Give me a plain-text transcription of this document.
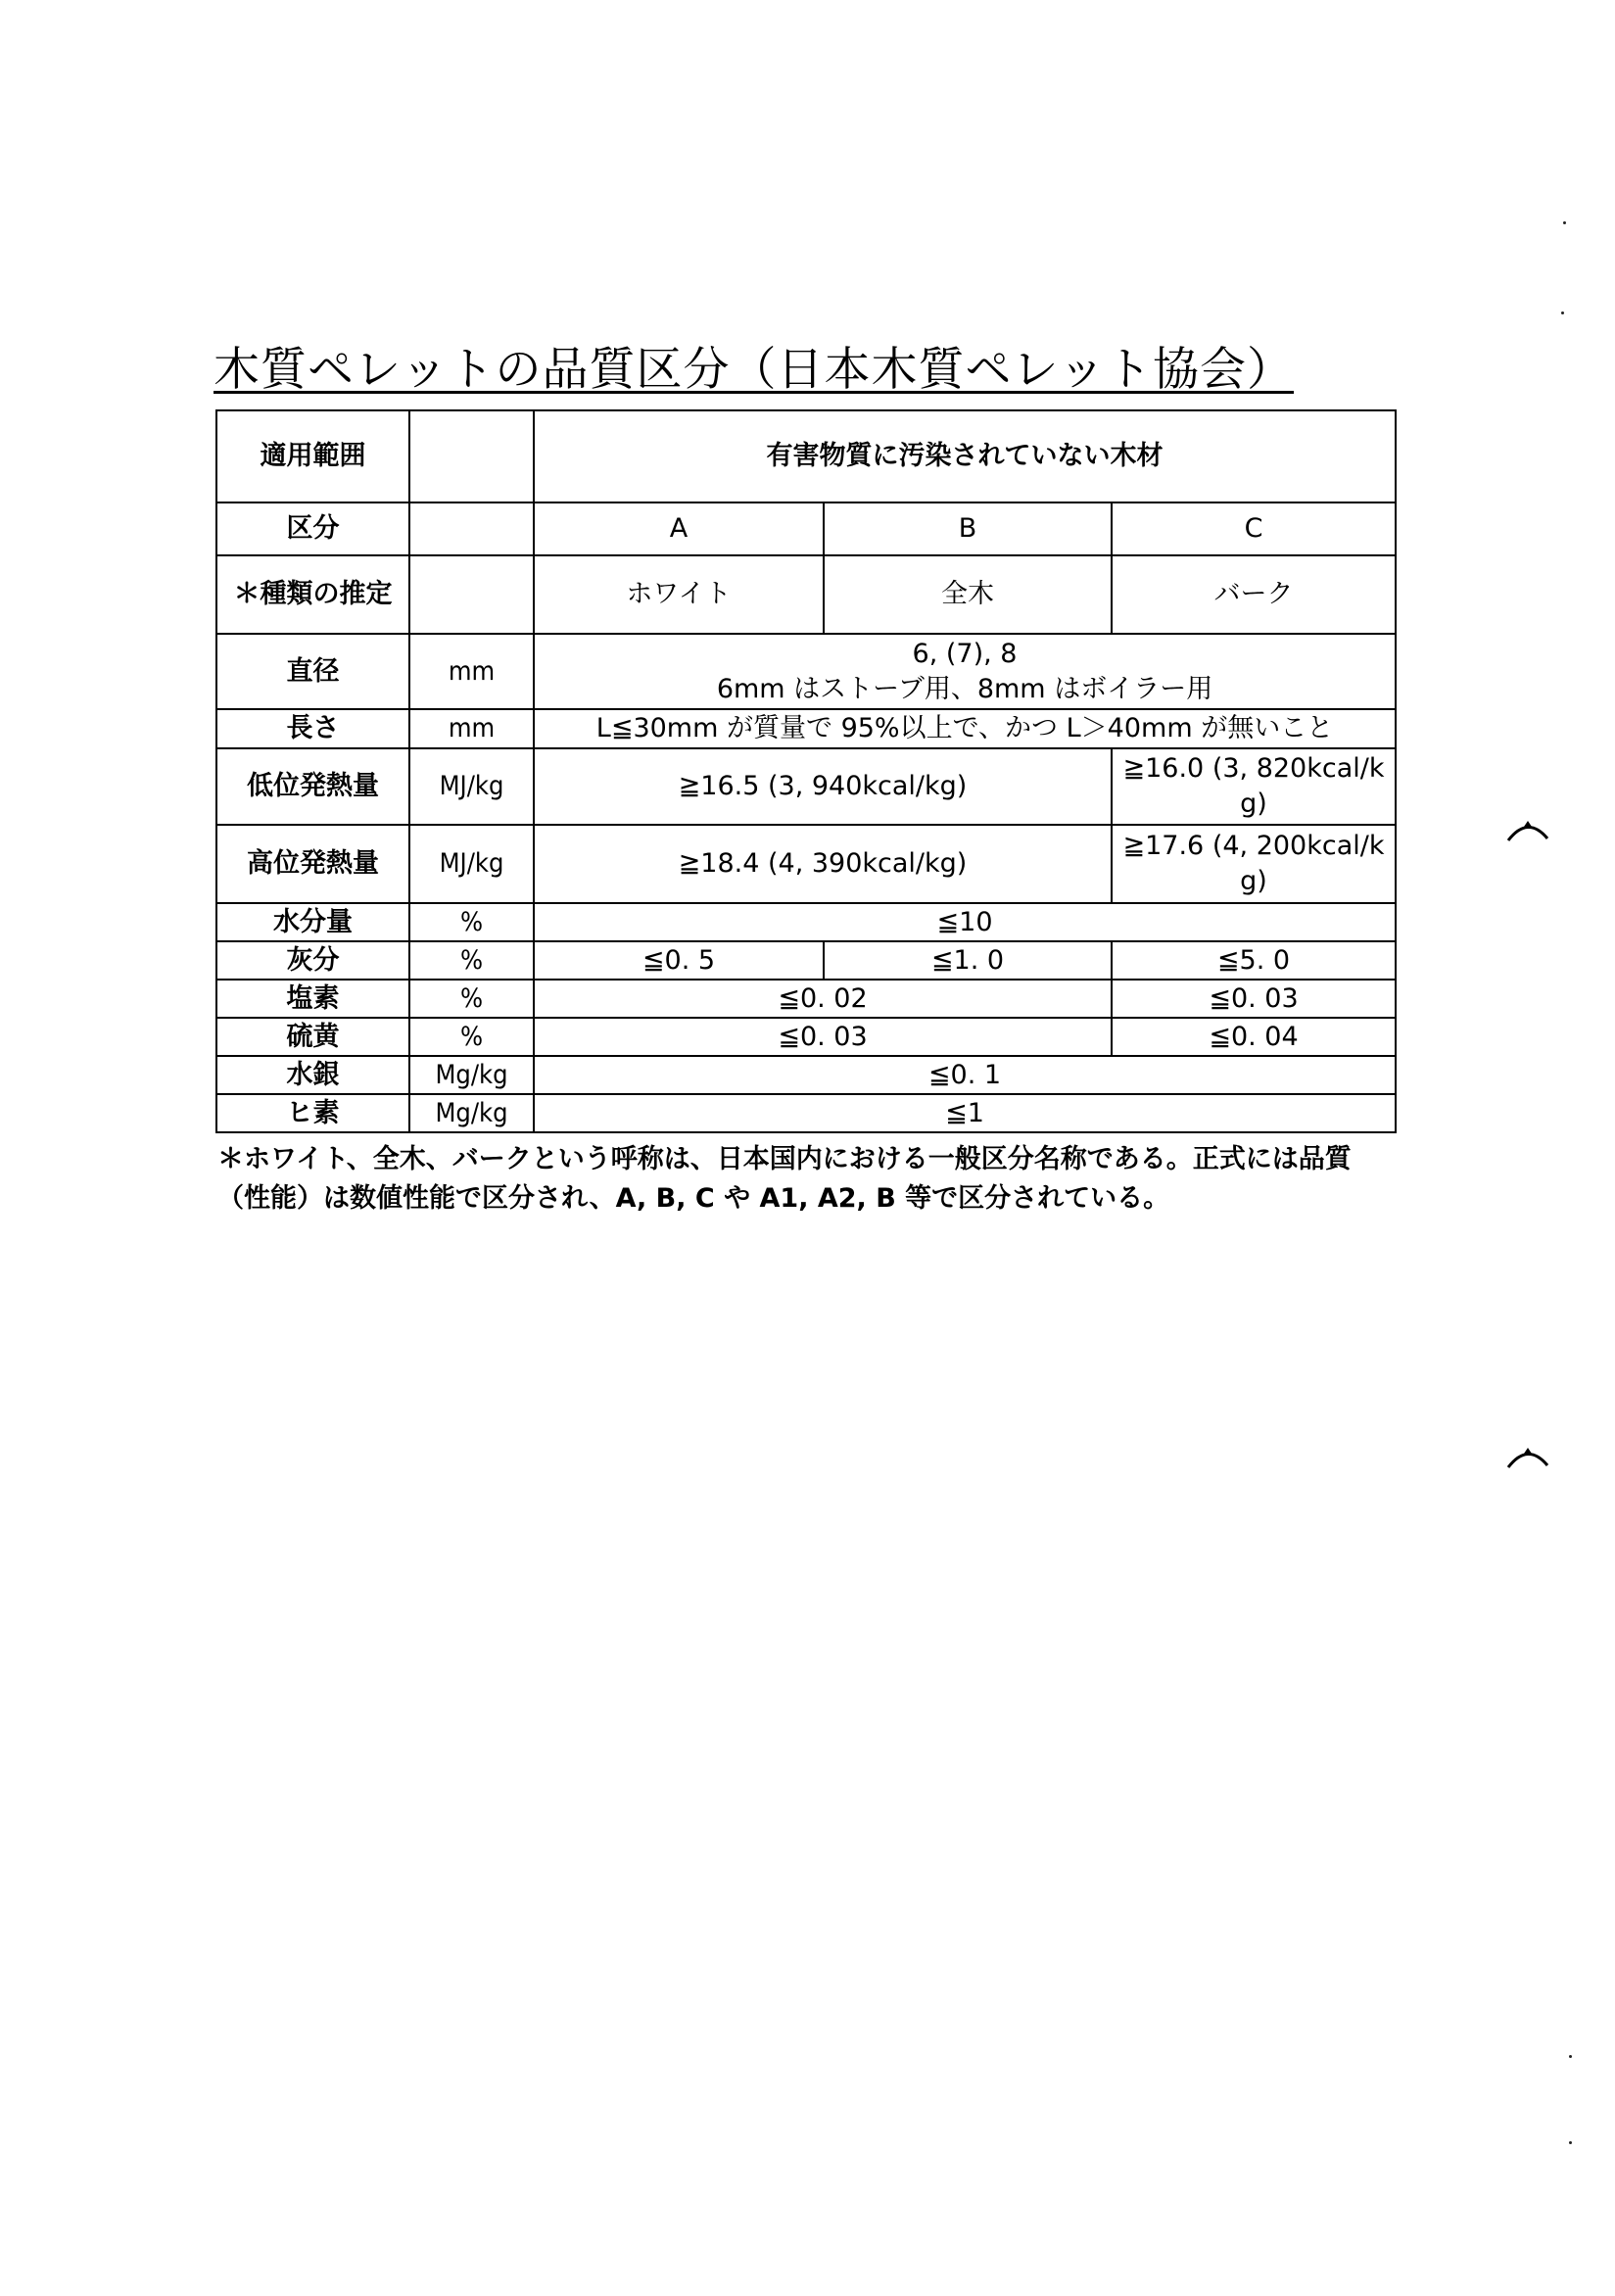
木質ペレットの品質区分（日本木質ペレット協会）
適用範囲		有害物質に汚染されていない木材		
区分		A	B	C
＊種類の推定		ホワイト	全木	バーク
直径	mm	6, (7), 8
6mm はストーブ用、8mm はボイラー用		

長さ	mm	L≦30mm が質量で 95%以上で、かつ L＞40mm が無いこと		
低位発熱量	MJ/kg	≧16.5 (3, 940kcal/kg)		≧16.0 (3, 820kcal/k
g)

高位発熱量	MJ/kg	≧18.4 (4, 390kcal/kg)		≧17.6 (4, 200kcal/k
g)

水分量	%	≦10		
灰分	%	≦0. 5	≦1. 0	≦5. 0
塩素	%	≦0. 02		≦0. 03
硫黄	%	≦0. 03		≦0. 04
水銀	Mg/kg	≦0. 1		
ヒ素	Mg/kg	≦1		
＊ホワイト、全木、バークという呼称は、日本国内における一般区分名称である。正式には品質
（性能）は数値性能で区分され、A, B, C や A1, A2, B 等で区分されている。
